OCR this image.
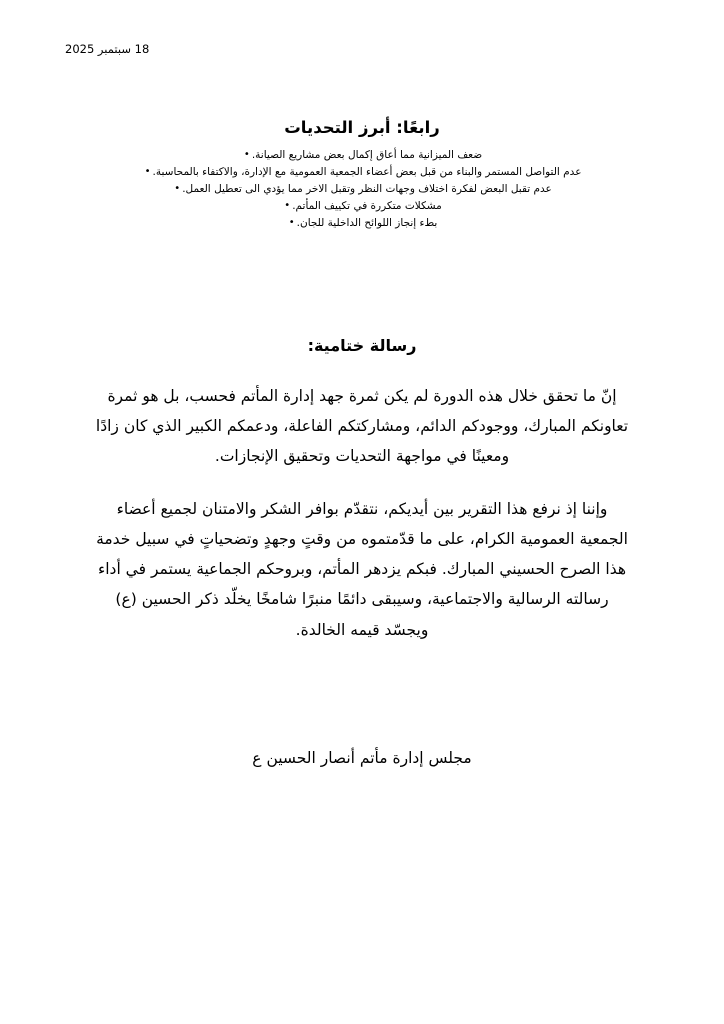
18 سبتمبر 2025
رابعًا: أبرز التحديات
ضعف الميزانية مما أعاق إكمال بعض مشاريع الصيانة.
•
عدم التواصل المستمر والبناء من قبل بعض أعضاء الجمعية العمومية مع الإدارة، والاكتفاء بالمحاسبة.
•
عدم تقبل البعض لفكرة اختلاف وجهات النظر وتقبل الاخر مما يؤدي الى تعطيل العمل.
•
مشكلات متكررة في تكييف المأتم.
•
بطء إنجاز اللوائح الداخلية للجان.
•
رسالة ختامية:

إنّ ما تحقق خلال هذه الدورة لم يكن ثمرة جهد إدارة المأتم فحسب، بل هو ثمرة تعاونكم المبارك، ووجودكم الدائم، ومشاركتكم الفاعلة، ودعمكم الكبير الذي كان زادًا ومعينًا في مواجهة التحديات وتحقيق الإنجازات.

وإننا إذ نرفع هذا التقرير بين أيديكم، نتقدّم بوافر الشكر والامتنان لجميع أعضاء الجمعية العمومية الكرام، على ما قدّمتموه من وقتٍ وجهدٍ وتضحياتٍ في سبيل خدمة هذا الصرح الحسيني المبارك. فبكم يزدهر المأتم، وبروحكم الجماعية يستمر في أداء رسالته الرسالية والاجتماعية، وسيبقى دائمًا منبرًا شامخًا يخلّد ذكر الحسين (ع) ويجسّد قيمه الخالدة.

مجلس إدارة مأتم أنصار الحسين ع
